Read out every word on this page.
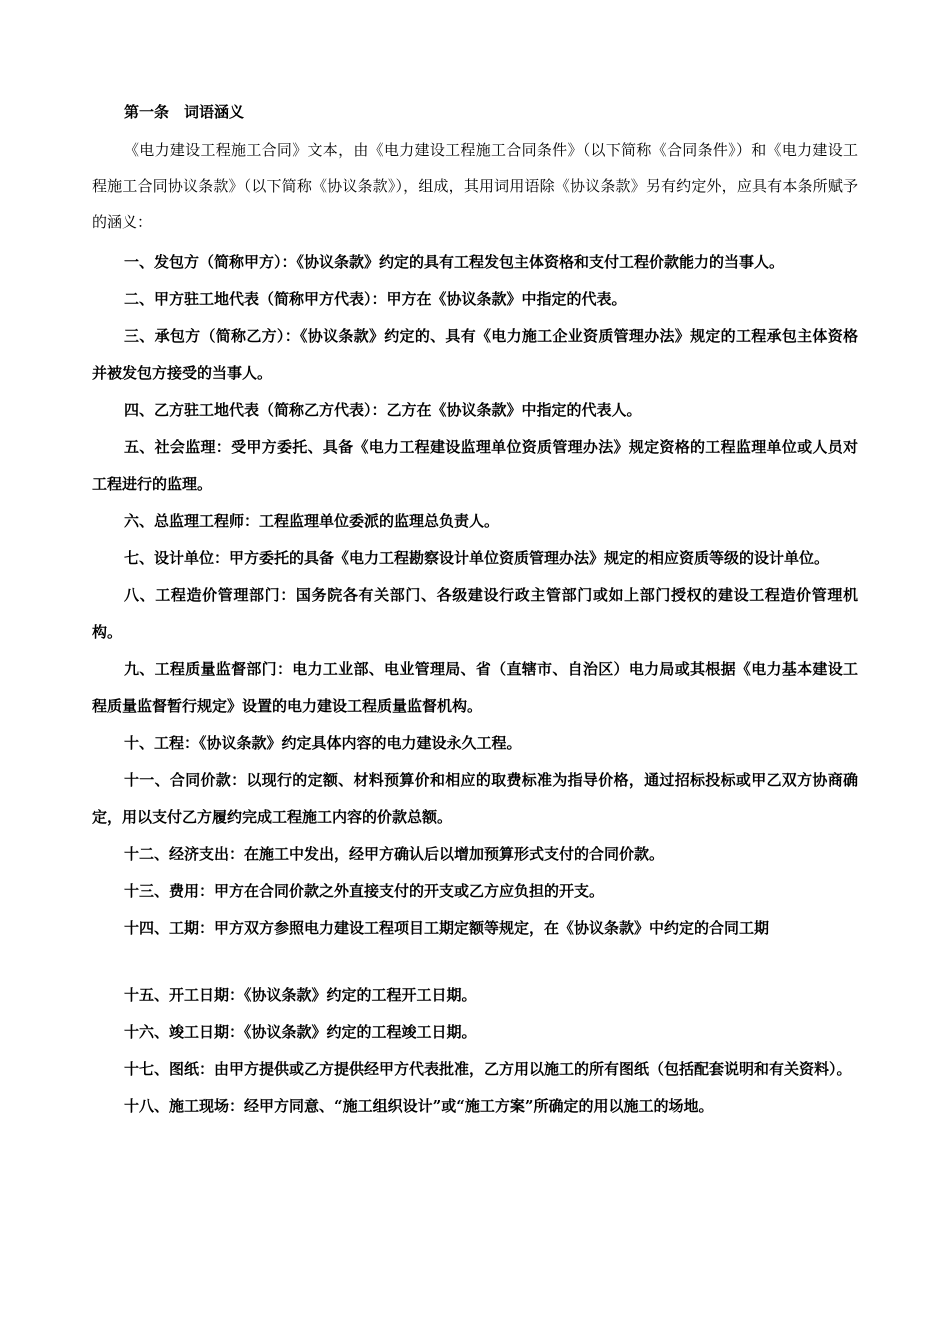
第一条　词语涵义

《电力建设工程施工合同》文本，由《电力建设工程施工合同条件》（以下简称《合同条件》）和《电力建设工程施工合同协议条款》（以下简称《协议条款》），组成，其用词用语除《协议条款》另有约定外，应具有本条所赋予的涵义：

一、发包方（简称甲方）：《协议条款》约定的具有工程发包主体资格和支付工程价款能力的当事人。

二、甲方驻工地代表（简称甲方代表）：甲方在《协议条款》中指定的代表。

三、承包方（简称乙方）：《协议条款》约定的、具有《电力施工企业资质管理办法》规定的工程承包主体资格并被发包方接受的当事人。

四、乙方驻工地代表（简称乙方代表）：乙方在《协议条款》中指定的代表人。

五、社会监理：受甲方委托、具备《电力工程建设监理单位资质管理办法》规定资格的工程监理单位或人员对工程进行的监理。

六、总监理工程师：工程监理单位委派的监理总负责人。

七、设计单位：甲方委托的具备《电力工程勘察设计单位资质管理办法》规定的相应资质等级的设计单位。

八、工程造价管理部门：国务院各有关部门、各级建设行政主管部门或如上部门授权的建设工程造价管理机构。

九、工程质量监督部门：电力工业部、电业管理局、省（直辖市、自治区）电力局或其根据《电力基本建设工程质量监督暂行规定》设置的电力建设工程质量监督机构。

十、工程：《协议条款》约定具体内容的电力建设永久工程。

十一、合同价款：以现行的定额、材料预算价和相应的取费标准为指导价格，通过招标投标或甲乙双方协商确定，用以支付乙方履约完成工程施工内容的价款总额。

十二、经济支出：在施工中发出，经甲方确认后以增加预算形式支付的合同价款。

十三、费用：甲方在合同价款之外直接支付的开支或乙方应负担的开支。

十四、工期：甲方双方参照电力建设工程项目工期定额等规定，在《协议条款》中约定的合同工期

十五、开工日期：《协议条款》约定的工程开工日期。

十六、竣工日期：《协议条款》约定的工程竣工日期。

十七、图纸：由甲方提供或乙方提供经甲方代表批准，乙方用以施工的所有图纸（包括配套说明和有关资料）。

十八、施工现场：经甲方同意、“施工组织设计”或“施工方案”所确定的用以施工的场地。
